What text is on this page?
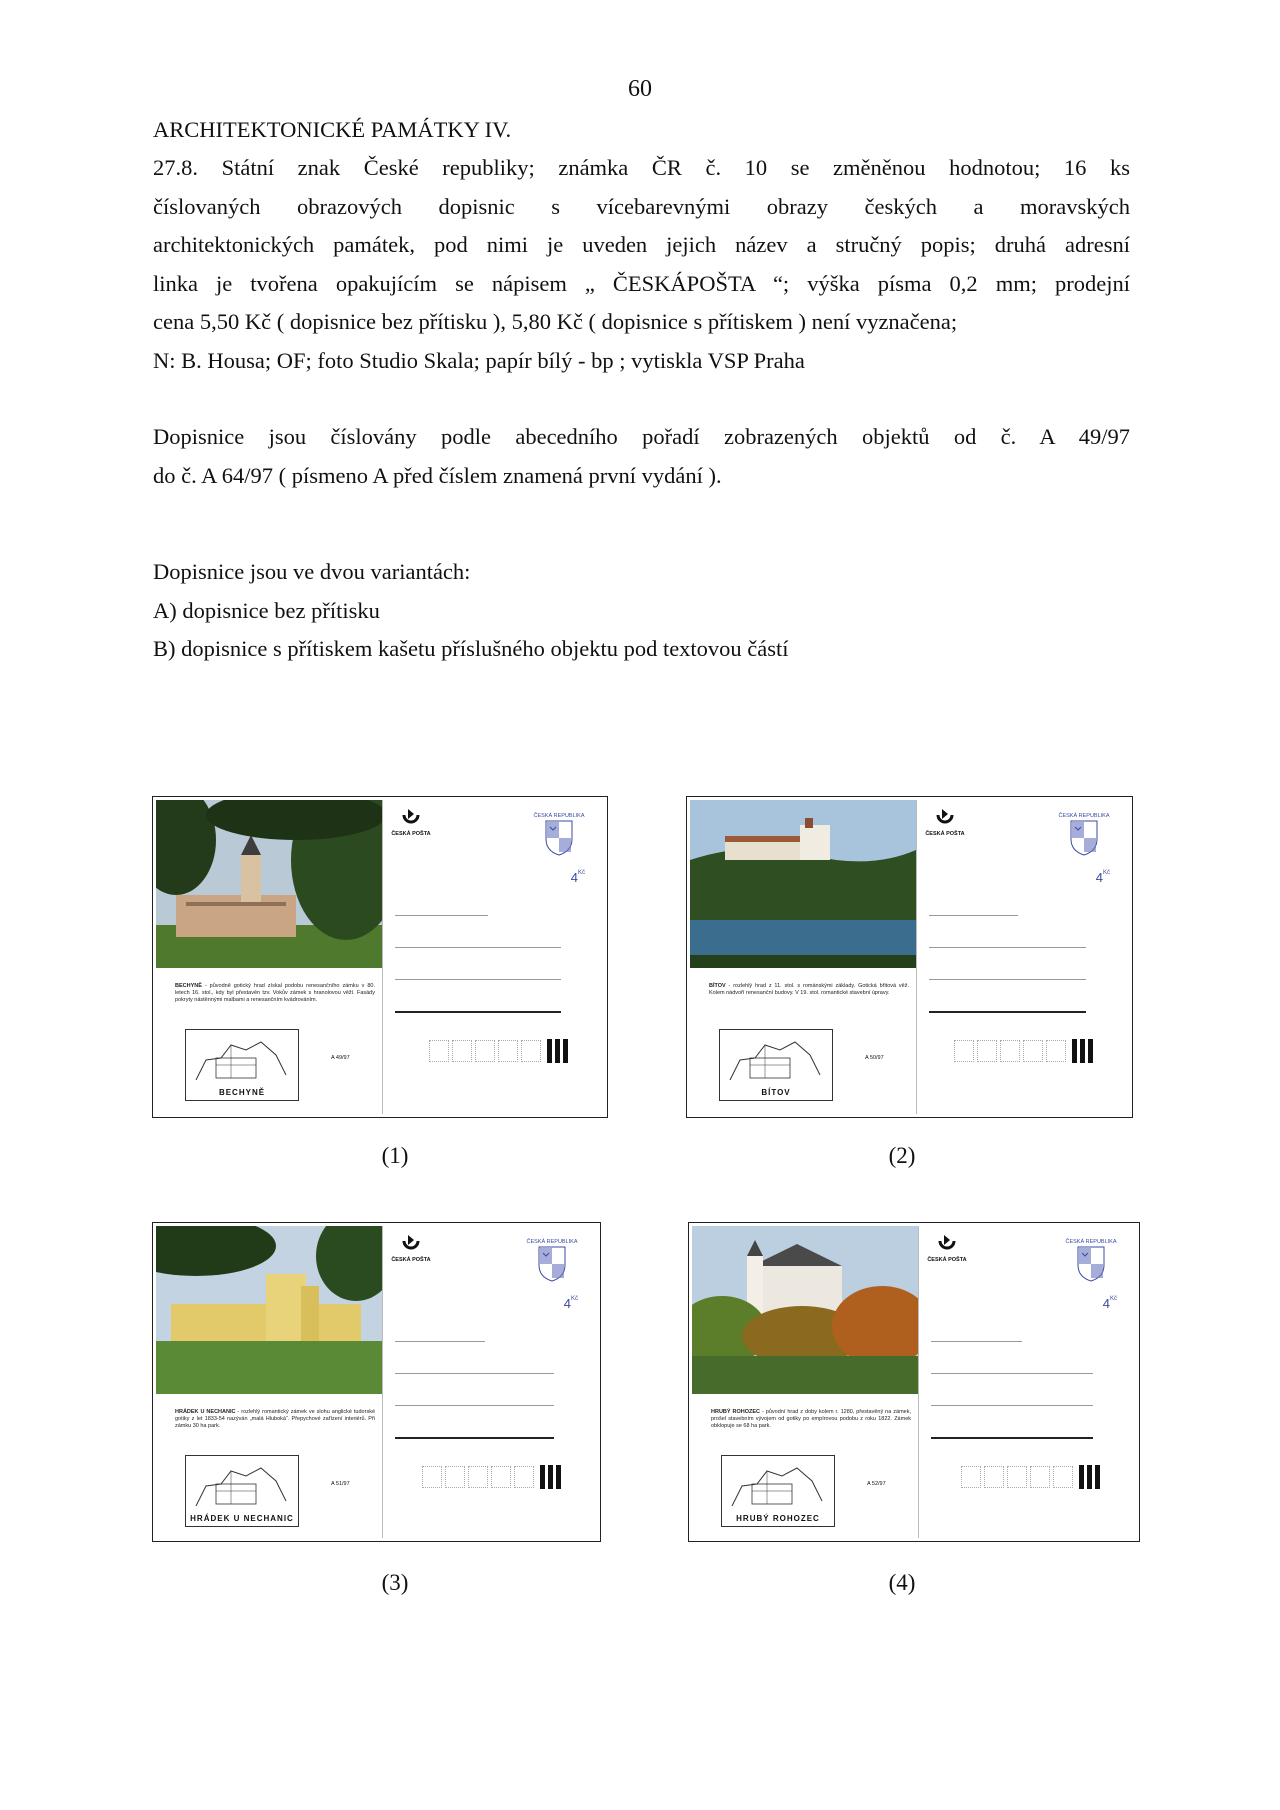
60
ARCHITEKTONICKÉ PAMÁTKY IV.
27.8. Státní znak České republiky; známka ČR č. 10 se změněnou hodnotou; 16 ks
číslovaných obrazových dopisnic s vícebarevnými obrazy českých a moravských
architektonických památek, pod nimi je uveden jejich název a stručný popis; druhá adresní
linka je tvořena opakujícím se nápisem „ ČESKÁPOŠTA “; výška písma 0,2 mm; prodejní
cena 5,50 Kč ( dopisnice bez přítisku ), 5,80 Kč ( dopisnice s přítiskem ) není vyznačena;
N: B. Housa; OF; foto Studio Skala; papír bílý - bp ; vytiskla VSP Praha
Dopisnice jsou číslovány podle abecedního pořadí zobrazených objektů od č. A 49/97
do č. A 64/97 ( písmeno A před číslem znamená první vydání ).
Dopisnice jsou ve dvou variantách:
A) dopisnice bez přítisku
B) dopisnice s přítiskem kašetu příslušného objektu pod textovou částí
BECHYNĚ - původně gotický hrad získal podobu renesančního zámku v 80. letech 16. stol., kdy byl přestavěn tzv. Vokův zámek s hranolovou věží. Fasády pokryty nástěnnými malbami a renesančním kvádrováním.
BECHYNĚ
A 49/97
ČESKÁ POŠTA
ČESKÁ REPUBLIKA
$4^{Kč}$
BÍTOV - rozlehlý hrad z 11. stol. s románskými základy. Gotická břitová věž. Kolem nádvoří renesanční budovy. V 19. stol. romantické stavební úpravy.
BÍTOV
A 50/97
ČESKÁ POŠTA
ČESKÁ REPUBLIKA
$4^{Kč}$
HRÁDEK U NECHANIC - rozlehlý romantický zámek ve slohu anglické tudorské gotiky z let 1833-54 nazýván „malá Hluboká“. Přepychové zařízení interiérů. Při zámku 30 ha park.
HRÁDEK U NECHANIC
A 51/97
ČESKÁ POŠTA
ČESKÁ REPUBLIKA
$4^{Kč}$
HRUBÝ ROHOZEC - původní hrad z doby kolem r. 1280, přestavěný na zámek, prošel stavebním vývojem od gotiky po empírovou podobu z roku 1822. Zámek obklopuje se 68 ha park.
HRUBÝ ROHOZEC
A 52/97
ČESKÁ POŠTA
ČESKÁ REPUBLIKA
$4^{Kč}$
(1)	(2)
(3)	(4)
